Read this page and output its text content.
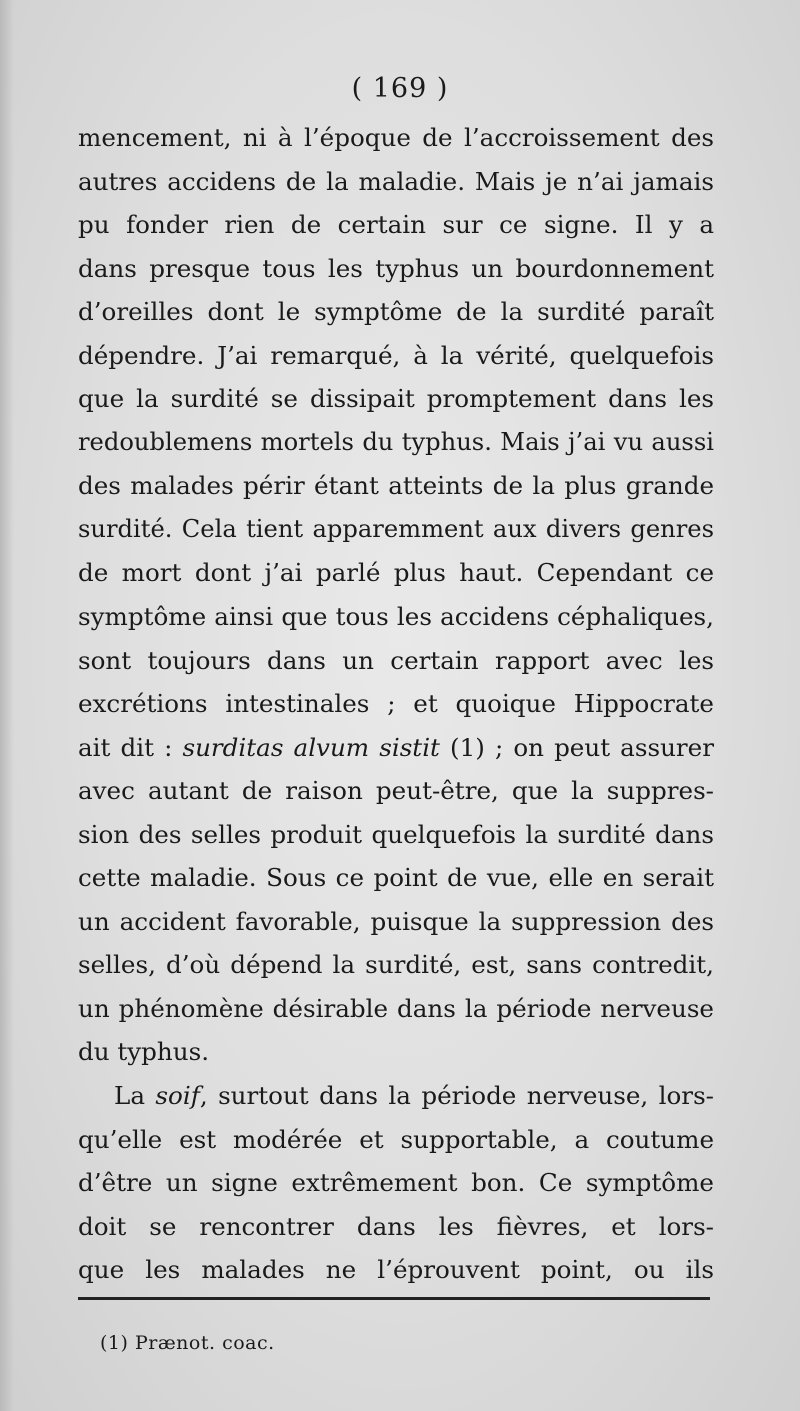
( 169 )
mencement, ni à l’époque de l’accroissement des
autres accidens de la maladie. Mais je n’ai jamais
pu fonder rien de certain sur ce signe. Il y a
dans presque tous les typhus un bourdonnement
d’oreilles dont le symptôme de la surdité paraît
dépendre. J’ai remarqué, à la vérité, quelquefois
que la surdité se dissipait promptement dans les
redoublemens mortels du typhus. Mais j’ai vu aussi
des malades périr étant atteints de la plus grande
surdité. Cela tient apparemment aux divers genres
de mort dont j’ai parlé plus haut. Cependant ce
symptôme ainsi que tous les accidens céphaliques,
sont toujours dans un certain rapport avec les
excrétions intestinales ; et quoique Hippocrate
ait dit : surditas alvum sistit (1) ; on peut assurer
avec autant de raison peut-être, que la suppres-
sion des selles produit quelquefois la surdité dans
cette maladie. Sous ce point de vue, elle en serait
un accident favorable, puisque la suppression des
selles, d’où dépend la surdité, est, sans contredit,
un phénomène désirable dans la période nerveuse
du typhus.
La soif, surtout dans la période nerveuse, lors-
qu’elle est modérée et supportable, a coutume
d’être un signe extrêmement bon. Ce symptôme
doit se rencontrer dans les fièvres, et lors-
que les malades ne l’éprouvent point, ou ils
(1) Prænot. coac.
